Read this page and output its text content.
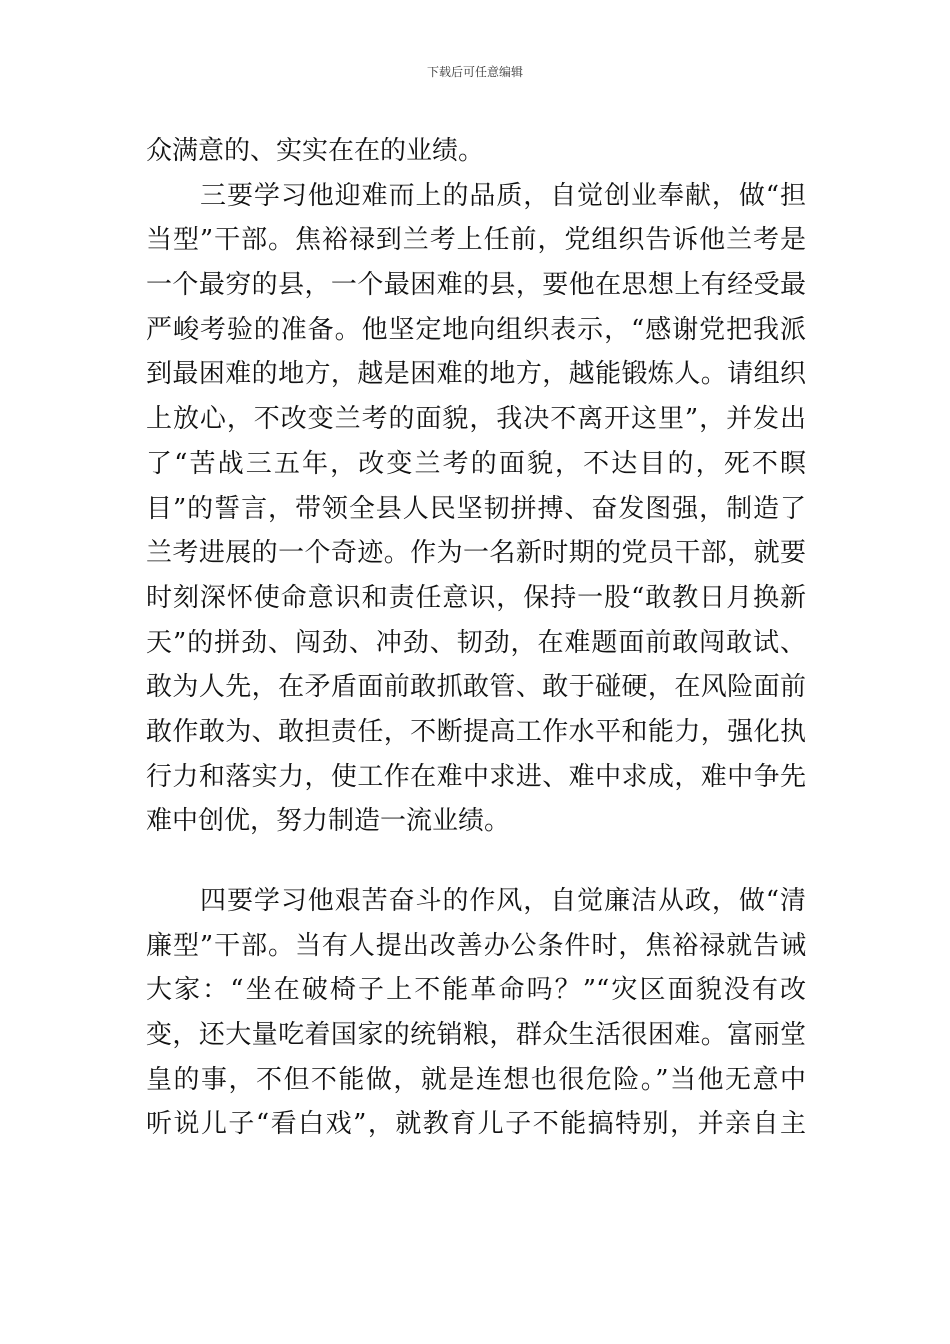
下载后可任意编辑
众满意的、实实在在的业绩。
三要学习他迎难而上的品质，自觉创业奉献，做“担
当型”干部。焦裕禄到兰考上任前，党组织告诉他兰考是
一个最穷的县，一个最困难的县，要他在思想上有经受最
严峻考验的准备。他坚定地向组织表示，“感谢党把我派
到最困难的地方，越是困难的地方，越能锻炼人。请组织
上放心，不改变兰考的面貌，我决不离开这里”，并发出
了“苦战三五年，改变兰考的面貌，不达目的，死不瞑
目”的誓言，带领全县人民坚韧拼搏、奋发图强，制造了
兰考进展的一个奇迹。作为一名新时期的党员干部，就要
时刻深怀使命意识和责任意识，保持一股“敢教日月换新
天”的拼劲、闯劲、冲劲、韧劲，在难题面前敢闯敢试、
敢为人先，在矛盾面前敢抓敢管、敢于碰硬，在风险面前
敢作敢为、敢担责任，不断提高工作水平和能力，强化执
行力和落实力，使工作在难中求进、难中求成，难中争先
难中创优，努力制造一流业绩。
四要学习他艰苦奋斗的作风，自觉廉洁从政，做“清
廉型”干部。当有人提出改善办公条件时，焦裕禄就告诫
大家：“坐在破椅子上不能革命吗？”“灾区面貌没有改
变，还大量吃着国家的统销粮，群众生活很困难。富丽堂
皇的事，不但不能做，就是连想也很危险。”当他无意中
听说儿子“看白戏”，就教育儿子不能搞特别，并亲自主
